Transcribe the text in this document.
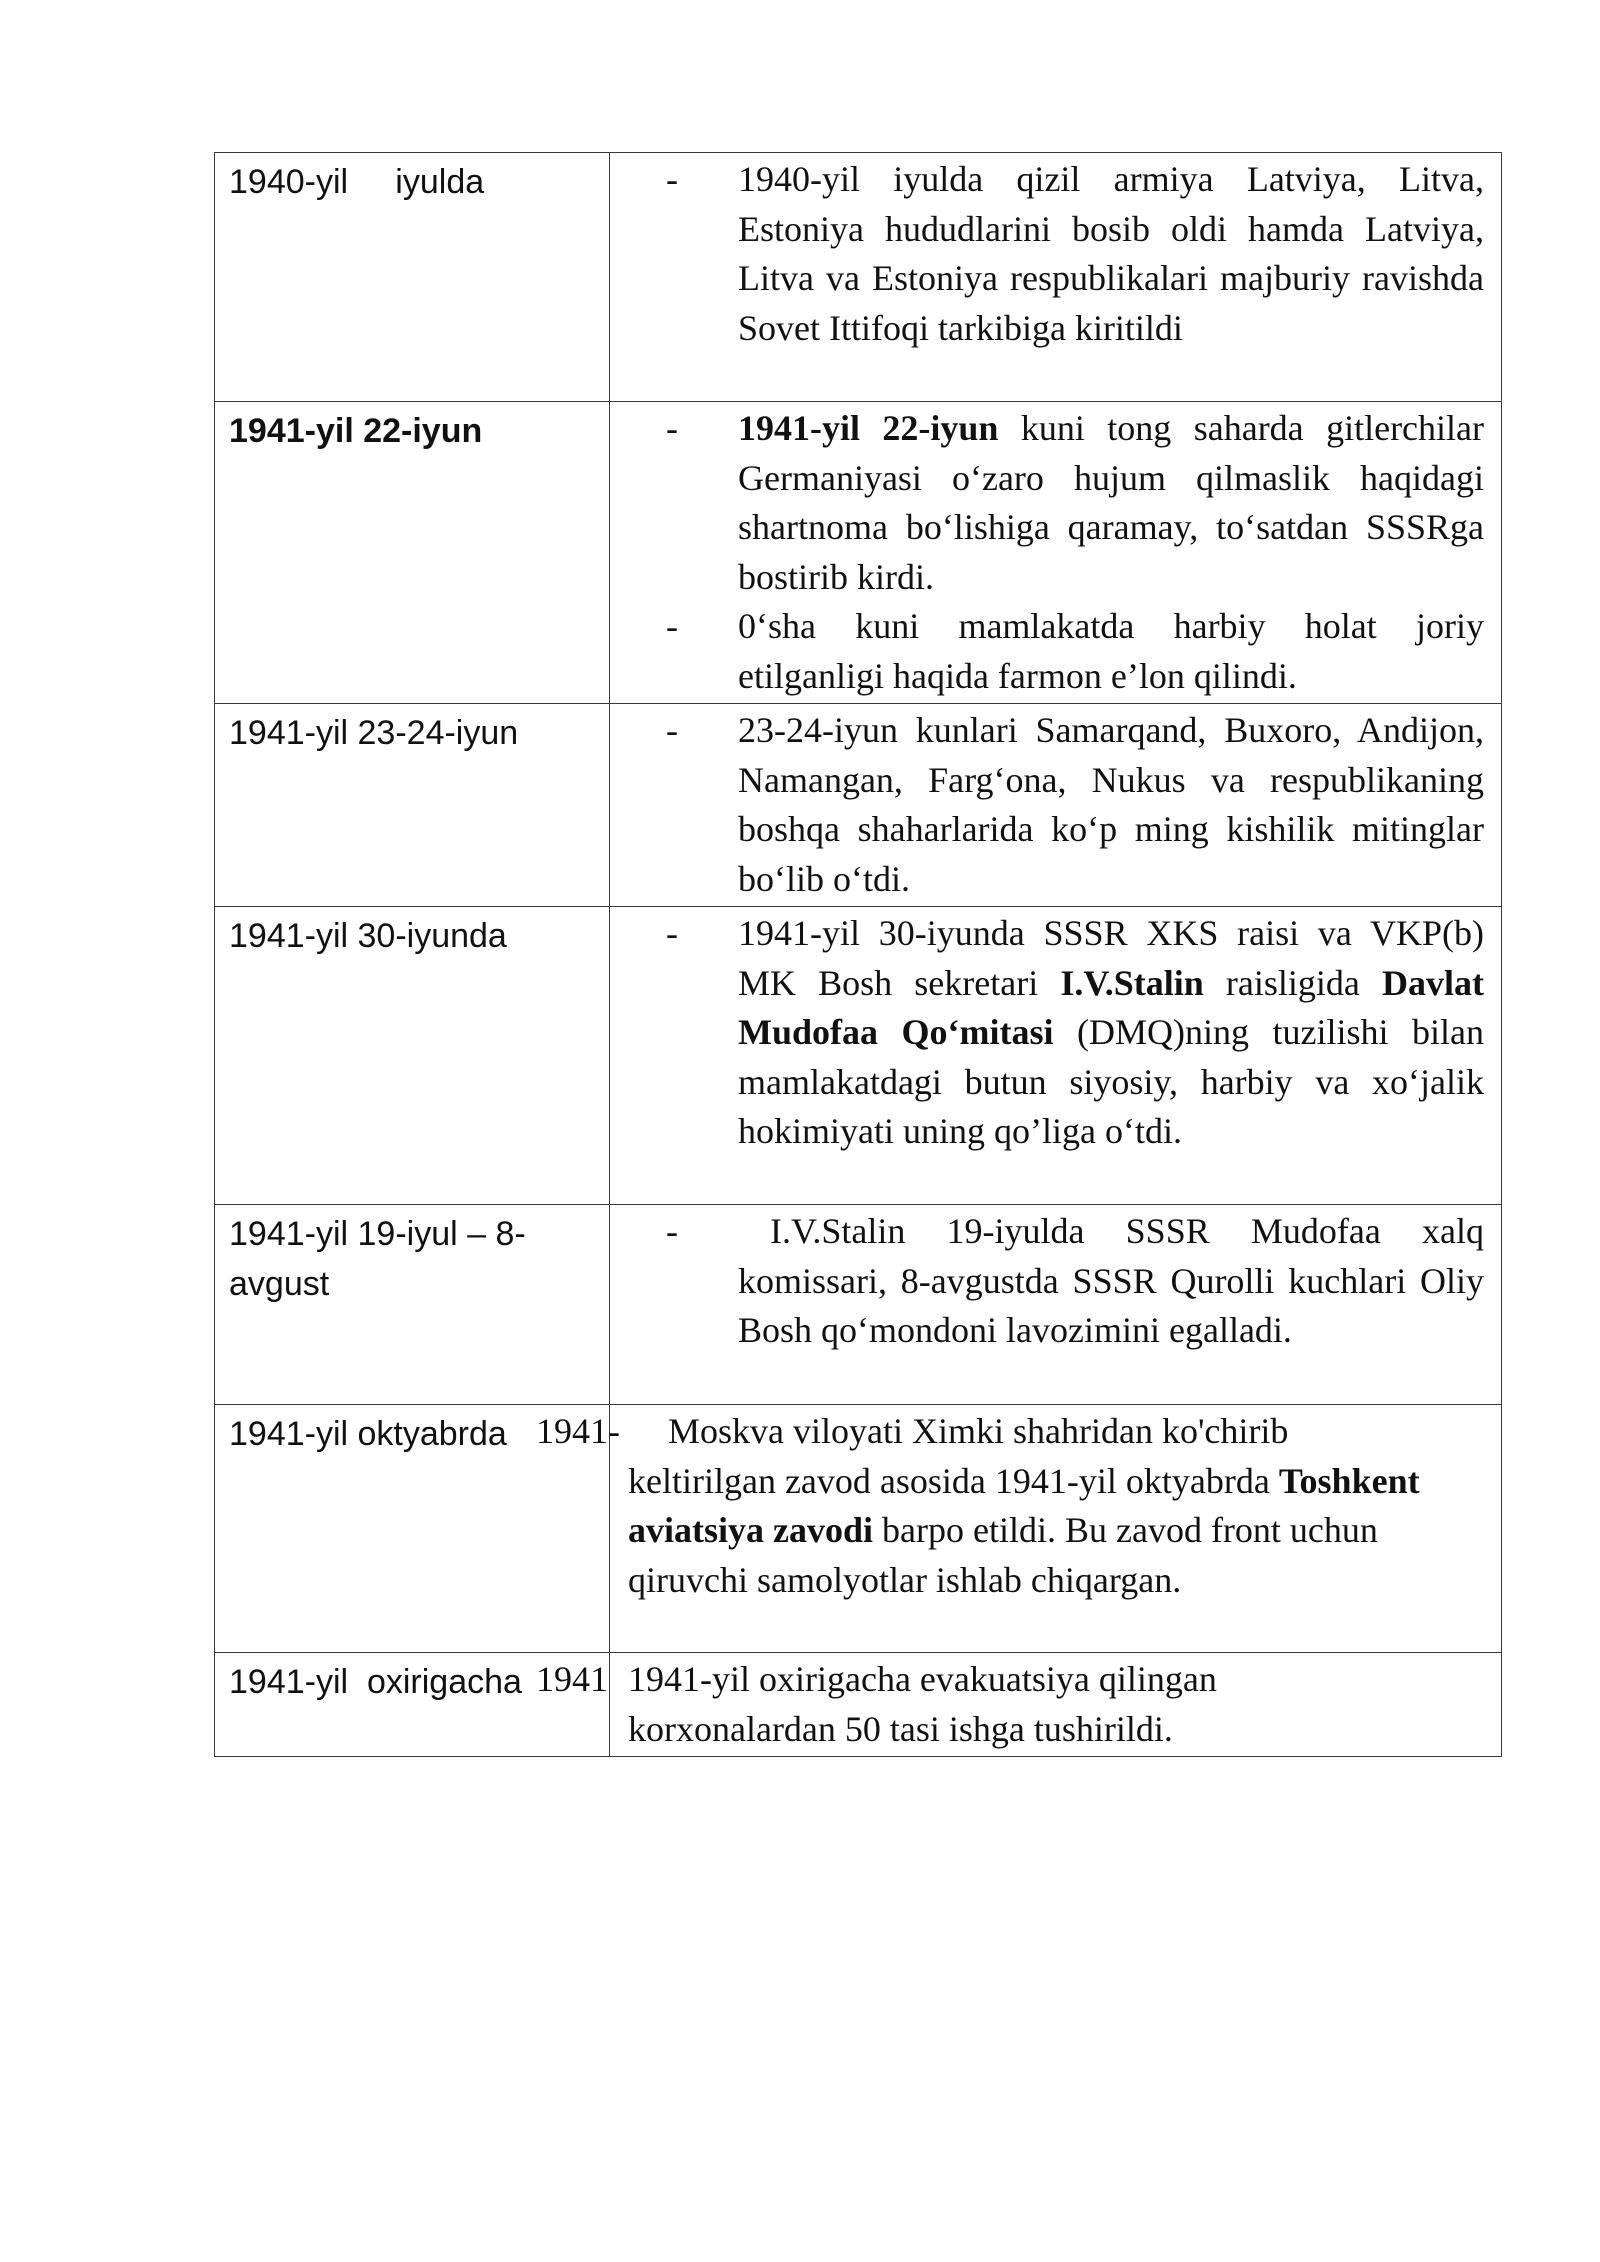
1940-yil     iyulda	- 1940-yil iyulda qizil armiya Latviya, Litva, Estoniya hududlarini bosib oldi hamda Latviya, Litva va Estoniya respublikalari majburiy ravishda Sovet Ittifoqi tarkibiga kiritildi

1941-yil 22-iyun	- 1941-yil 22-iyun kuni tong saharda gitlerchilar Germaniyasi o‘zaro hujum qilmaslik haqidagi shartnoma bo‘lishiga qaramay, to‘satdan SSSRga bostirib kirdi.
- 0‘sha kuni mamlakatda harbiy holat joriy etilganligi haqida farmon e’lon qilindi.

1941-yil 23-24-iyun	- 23-24-iyun kunlari Samarqand, Buxoro, Andijon, Namangan, Farg‘ona, Nukus va respublikaning boshqa shaharlarida ko‘p ming kishilik mitinglar bo‘lib o‘tdi.

1941-yil 30-iyunda	- 1941-yil 30-iyunda SSSR XKS raisi va VKP(b) MK Bosh sekretari I.V.Stalin raisligida Davlat Mudofaa Qo‘mitasi (DMQ)ning tuzilishi bilan mamlakatdagi butun siyosiy, harbiy va xo‘jalik hokimiyati uning qo’liga o‘tdi.

1941-yil 19-iyul – 8-avgust	- I.V.Stalin 19-iyulda SSSR Mudofaa xalq komissari, 8-avgustda SSSR Qurolli kuchlari Oliy Bosh qo‘mondoni lavozimini egalladi.

1941-yil oktyabrda	1941- Moskva viloyati Ximki shahridan ko'chirib keltirilgan zavod asosida 1941-yil oktyabrda Toshkent aviatsiya zavodi barpo etildi. Bu zavod front uchun qiruvchi samolyotlar ishlab chiqargan.

1941-yil  oxirigacha	1941 1941-yil oxirigacha evakuatsiya qilingan korxonalardan 50 tasi ishga tushirildi.
